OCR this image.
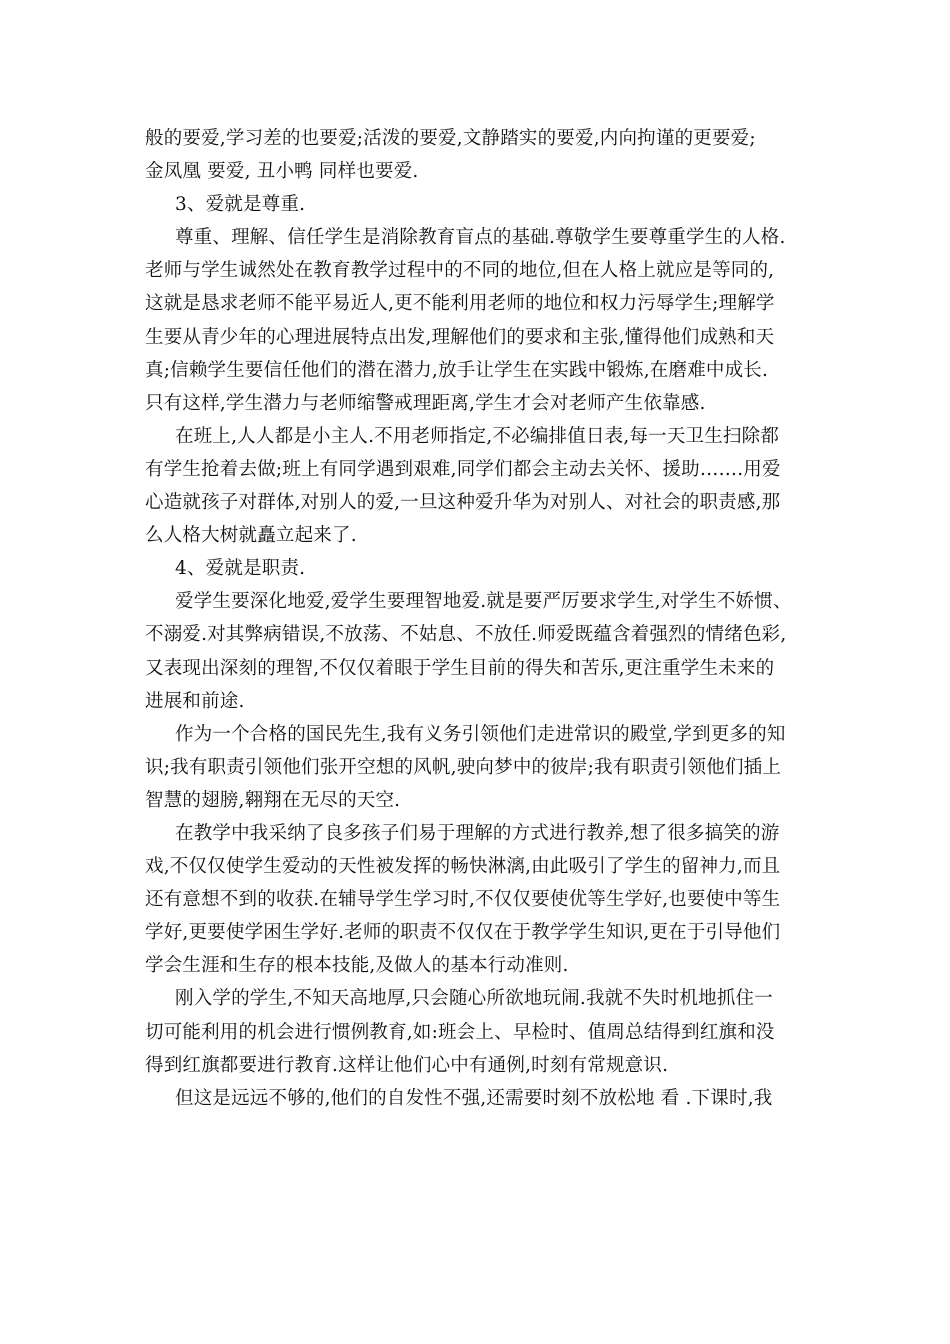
般的要爱,学习差的也要爱;活泼的要爱,文静踏实的要爱,内向拘谨的更要爱;
金凤凰 要爱, 丑小鸭 同样也要爱.
3、爱就是尊重.
尊重、理解、信任学生是消除教育盲点的基础.尊敬学生要尊重学生的人格.
老师与学生诚然处在教育教学过程中的不同的地位,但在人格上就应是等同的,
这就是恳求老师不能平易近人,更不能利用老师的地位和权力污辱学生;理解学
生要从青少年的心理进展特点出发,理解他们的要求和主张,懂得他们成熟和天
真;信赖学生要信任他们的潜在潜力,放手让学生在实践中锻炼,在磨难中成长.
只有这样,学生潜力与老师缩警戒理距离,学生才会对老师产生依靠感.
在班上,人人都是小主人.不用老师指定,不必编排值日表,每一天卫生扫除都
有学生抢着去做;班上有同学遇到艰难,同学们都会主动去关怀、援助…….用爱
心造就孩子对群体,对别人的爱,一旦这种爱升华为对别人、对社会的职责感,那
么人格大树就矗立起来了.
4、爱就是职责.
爱学生要深化地爱,爱学生要理智地爱.就是要严厉要求学生,对学生不娇惯、
不溺爱.对其弊病错误,不放荡、不姑息、不放任.师爱既蕴含着强烈的情绪色彩,
又表现出深刻的理智,不仅仅着眼于学生目前的得失和苦乐,更注重学生未来的
进展和前途.
作为一个合格的国民先生,我有义务引领他们走进常识的殿堂,学到更多的知
识;我有职责引领他们张开空想的风帆,驶向梦中的彼岸;我有职责引领他们插上
智慧的翅膀,翱翔在无尽的天空.
在教学中我采纳了良多孩子们易于理解的方式进行教养,想了很多搞笑的游
戏,不仅仅使学生爱动的天性被发挥的畅快淋漓,由此吸引了学生的留神力,而且
还有意想不到的收获.在辅导学生学习时,不仅仅要使优等生学好,也要使中等生
学好,更要使学困生学好.老师的职责不仅仅在于教学学生知识,更在于引导他们
学会生涯和生存的根本技能,及做人的基本行动准则.
刚入学的学生,不知天高地厚,只会随心所欲地玩闹.我就不失时机地抓住一
切可能利用的机会进行惯例教育,如:班会上、早检时、值周总结得到红旗和没
得到红旗都要进行教育.这样让他们心中有通例,时刻有常规意识.
但这是远远不够的,他们的自发性不强,还需要时刻不放松地 看 .下课时,我
